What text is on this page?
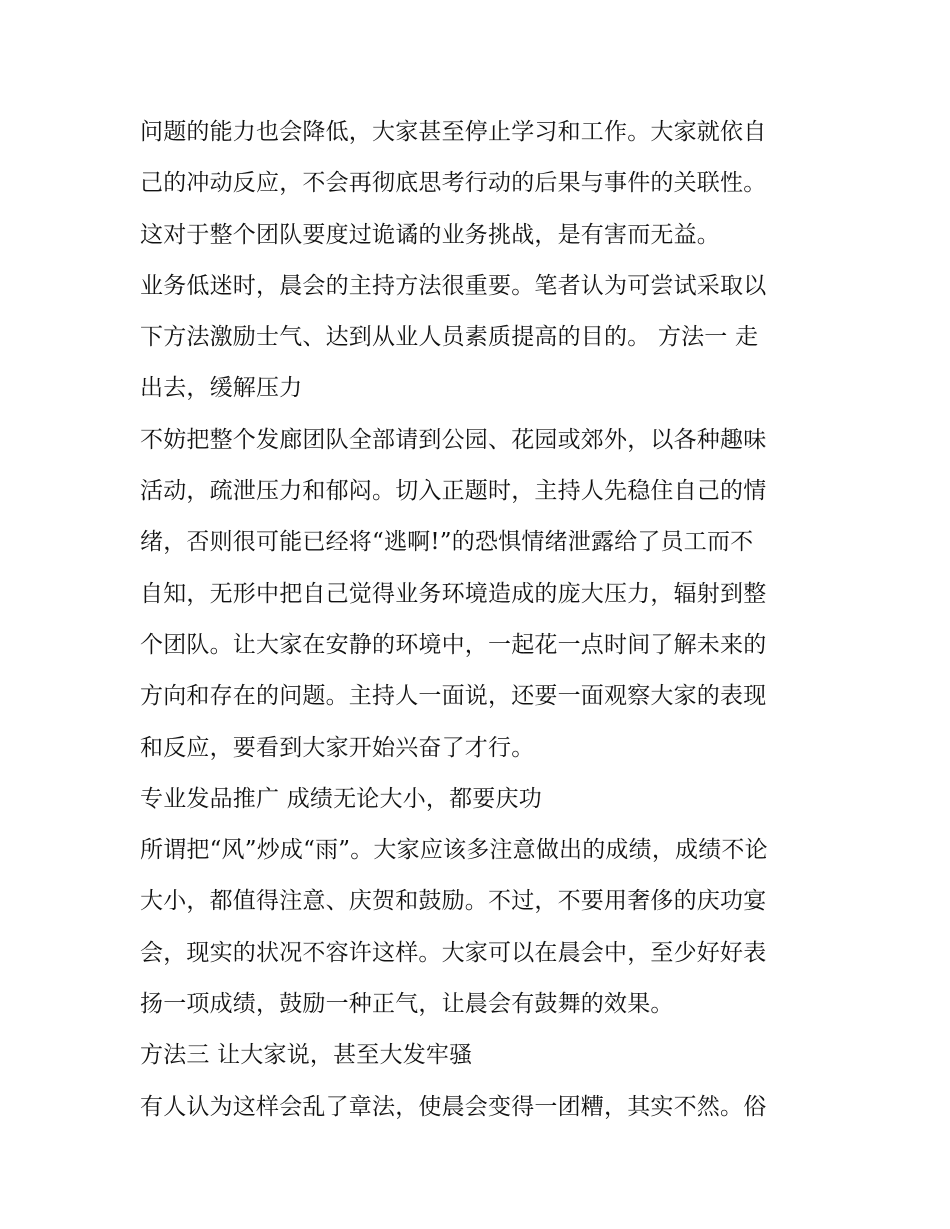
问题的能力也会降低，大家甚至停止学习和工作。大家就依自
己的冲动反应，不会再彻底思考行动的后果与事件的关联性。
这对于整个团队要度过诡谲的业务挑战，是有害而无益。
业务低迷时，晨会的主持方法很重要。笔者认为可尝试采取以
下方法激励士气、达到从业人员素质提高的目的。 方法一 走
出去，缓解压力
不妨把整个发廊团队全部请到公园、花园或郊外，以各种趣味
活动，疏泄压力和郁闷。切入正题时，主持人先稳住自己的情
绪，否则很可能已经将“逃啊!”的恐惧情绪泄露给了员工而不
自知，无形中把自己觉得业务环境造成的庞大压力，辐射到整
个团队。让大家在安静的环境中，一起花一点时间了解未来的
方向和存在的问题。主持人一面说，还要一面观察大家的表现
和反应，要看到大家开始兴奋了才行。
专业发品推广 成绩无论大小，都要庆功
所谓把“风”炒成“雨”。大家应该多注意做出的成绩，成绩不论
大小，都值得注意、庆贺和鼓励。不过，不要用奢侈的庆功宴
会，现实的状况不容许这样。大家可以在晨会中，至少好好表
扬一项成绩，鼓励一种正气，让晨会有鼓舞的效果。
方法三 让大家说，甚至大发牢骚
有人认为这样会乱了章法，使晨会变得一团糟，其实不然。俗
